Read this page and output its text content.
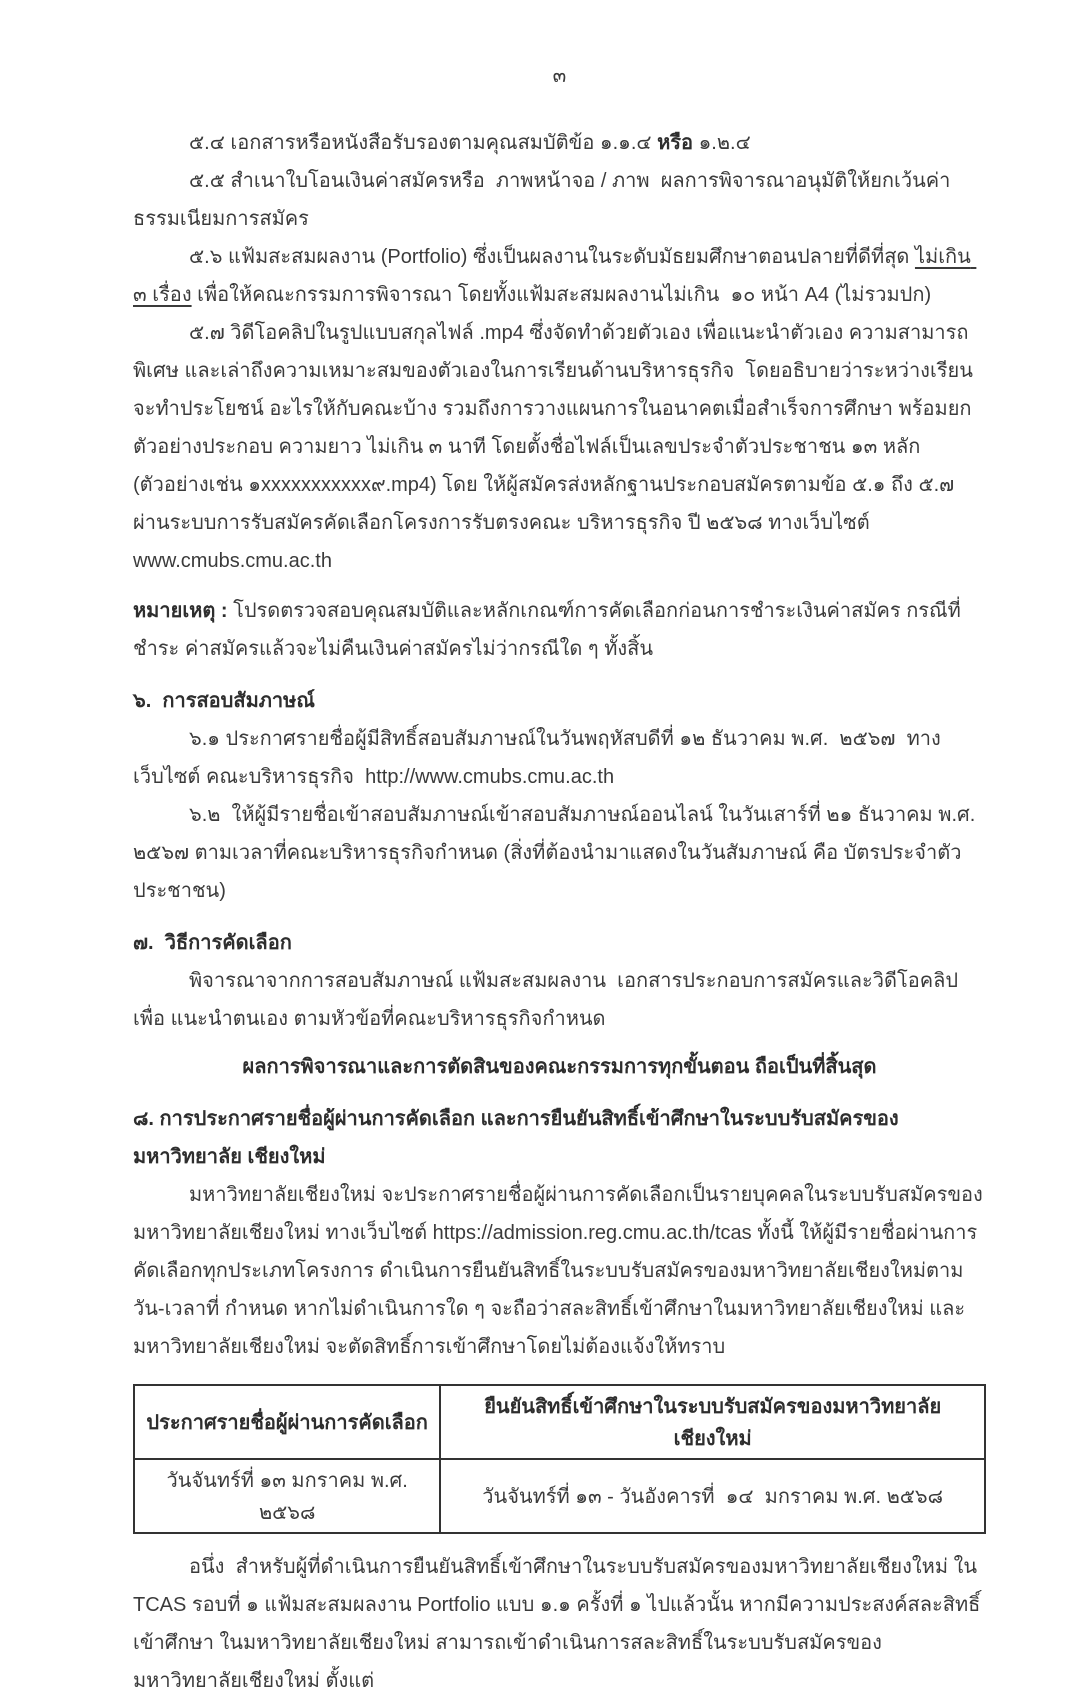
๓

๕.๔ เอกสารหรือหนังสือรับรองตามคุณสมบัติข้อ ๑.๑.๔ หรือ ๑.๒.๔

๕.๕ สำเนาใบโอนเงินค่าสมัครหรือ  ภาพหน้าจอ / ภาพ  ผลการพิจารณาอนุมัติให้ยกเว้นค่าธรรมเนียมการสมัคร

๕.๖ แฟ้มสะสมผลงาน (Portfolio) ซึ่งเป็นผลงานในระดับมัธยมศึกษาตอนปลายที่ดีที่สุด ไม่เกิน ๓ เรื่อง เพื่อให้คณะกรรมการพิจารณา โดยทั้งแฟ้มสะสมผลงานไม่เกิน  ๑๐ หน้า A4 (ไม่รวมปก)

๕.๗ วิดีโอคลิปในรูปแบบสกุลไฟล์ .mp4 ซึ่งจัดทำด้วยตัวเอง เพื่อแนะนำตัวเอง ความสามารถพิเศษ และเล่าถึงความเหมาะสมของตัวเองในการเรียนด้านบริหารธุรกิจ  โดยอธิบายว่าระหว่างเรียนจะทำประโยชน์ อะไรให้กับคณะบ้าง รวมถึงการวางแผนการในอนาคตเมื่อสำเร็จการศึกษา พร้อมยกตัวอย่างประกอบ ความยาว ไม่เกิน ๓ นาที โดยตั้งชื่อไฟล์เป็นเลขประจำตัวประชาชน ๑๓ หลัก (ตัวอย่างเช่น ๑xxxxxxxxxxx๙.mp4) โดย ให้ผู้สมัครส่งหลักฐานประกอบสมัครตามข้อ ๕.๑ ถึง ๕.๗ ผ่านระบบการรับสมัครคัดเลือกโครงการรับตรงคณะ บริหารธุรกิจ ปี ๒๕๖๘ ทางเว็บไซต์ www.cmubs.cmu.ac.th

หมายเหตุ : โปรดตรวจสอบคุณสมบัติและหลักเกณฑ์การคัดเลือกก่อนการชำระเงินค่าสมัคร กรณีที่ชำระ ค่าสมัครแล้วจะไม่คืนเงินค่าสมัครไม่ว่ากรณีใด ๆ ทั้งสิ้น

๖.  การสอบสัมภาษณ์

๖.๑ ประกาศรายชื่อผู้มีสิทธิ์สอบสัมภาษณ์ในวันพฤหัสบดีที่ ๑๒ ธันวาคม พ.ศ.  ๒๕๖๗  ทางเว็บไซต์ คณะบริหารธุรกิจ  http://www.cmubs.cmu.ac.th

๖.๒  ให้ผู้มีรายชื่อเข้าสอบสัมภาษณ์เข้าสอบสัมภาษณ์ออนไลน์ ในวันเสาร์ที่ ๒๑ ธันวาคม พ.ศ. ๒๕๖๗ ตามเวลาที่คณะบริหารธุรกิจกำหนด (สิ่งที่ต้องนำมาแสดงในวันสัมภาษณ์ คือ บัตรประจำตัวประชาชน)

๗.  วิธีการคัดเลือก

พิจารณาจากการสอบสัมภาษณ์ แฟ้มสะสมผลงาน  เอกสารประกอบการสมัครและวิดีโอคลิปเพื่อ แนะนำตนเอง ตามหัวข้อที่คณะบริหารธุรกิจกำหนด

ผลการพิจารณาและการตัดสินของคณะกรรมการทุกขั้นตอน ถือเป็นที่สิ้นสุด

๘. การประกาศรายชื่อผู้ผ่านการคัดเลือก และการยืนยันสิทธิ์เข้าศึกษาในระบบรับสมัครของมหาวิทยาลัย เชียงใหม่

มหาวิทยาลัยเชียงใหม่ จะประกาศรายชื่อผู้ผ่านการคัดเลือกเป็นรายบุคคลในระบบรับสมัครของ มหาวิทยาลัยเชียงใหม่ ทางเว็บไซต์ https://admission.reg.cmu.ac.th/tcas ทั้งนี้ ให้ผู้มีรายชื่อผ่านการ คัดเลือกทุกประเภทโครงการ ดำเนินการยืนยันสิทธิ์ในระบบรับสมัครของมหาวิทยาลัยเชียงใหม่ตามวัน-เวลาที่ กำหนด หากไม่ดำเนินการใด ๆ จะถือว่าสละสิทธิ์เข้าศึกษาในมหาวิทยาลัยเชียงใหม่ และมหาวิทยาลัยเชียงใหม่ จะตัดสิทธิ์การเข้าศึกษาโดยไม่ต้องแจ้งให้ทราบ

ประกาศรายชื่อผู้ผ่านการคัดเลือก	ยืนยันสิทธิ์เข้าศึกษาในระบบรับสมัครของมหาวิทยาลัยเชียงใหม่
วันจันทร์ที่ ๑๓ มกราคม พ.ศ. ๒๕๖๘	วันจันทร์ที่ ๑๓ - วันอังคารที่  ๑๔  มกราคม พ.ศ. ๒๕๖๘

อนึ่ง  สำหรับผู้ที่ดำเนินการยืนยันสิทธิ์เข้าศึกษาในระบบรับสมัครของมหาวิทยาลัยเชียงใหม่ ใน TCAS รอบที่ ๑ แฟ้มสะสมผลงาน Portfolio แบบ ๑.๑ ครั้งที่ ๑ ไปแล้วนั้น หากมีความประสงค์สละสิทธิ์เข้าศึกษา ในมหาวิทยาลัยเชียงใหม่ สามารถเข้าดำเนินการสละสิทธิ์ในระบบรับสมัครของมหาวิทยาลัยเชียงใหม่ ตั้งแต่
